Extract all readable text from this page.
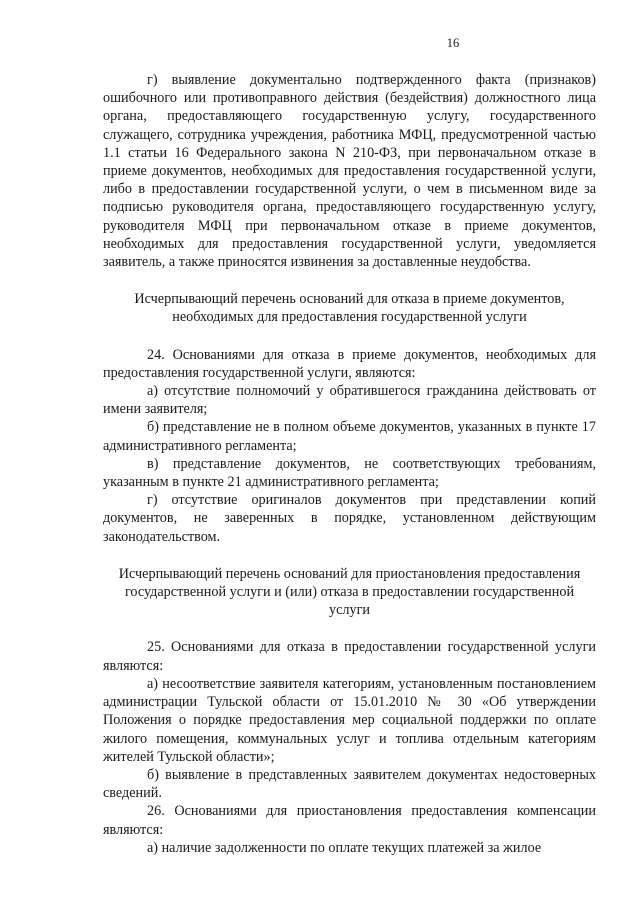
16

г) выявление документально подтвержденного факта (признаков) ошибочного или противоправного действия (бездействия) должностного лица органа, предоставляющего государственную услугу, государственного служащего, сотрудника учреждения, работника МФЦ, предусмотренной частью 1.1 статьи 16 Федерального закона N 210-ФЗ, при первоначальном отказе в приеме документов, необходимых для предоставления государственной услуги, либо в предоставлении государственной услуги, о чем в письменном виде за подписью руководителя органа, предоставляющего государственную услугу, руководителя МФЦ при первоначальном отказе в приеме документов, необходимых для предоставления государственной услуги, уведомляется заявитель, а также приносятся извинения за доставленные неудобства.

Исчерпывающий перечень оснований для отказа в приеме документов, необходимых для предоставления государственной услуги

24. Основаниями для отказа в приеме документов, необходимых для предоставления государственной услуги, являются:

а) отсутствие полномочий у обратившегося гражданина действовать от имени заявителя;

б) представление не в полном объеме документов, указанных в пункте 17 административного регламента;

в) представление документов, не соответствующих требованиям, указанным в пункте 21 административного регламента;

г) отсутствие оригиналов документов при представлении копий документов, не заверенных в порядке, установленном действующим законодательством.

Исчерпывающий перечень оснований для приостановления предоставления государственной услуги и (или) отказа в предоставлении государственной услуги

25. Основаниями для отказа в предоставлении государственной услуги являются:

а) несоответствие заявителя категориям, установленным постановлением администрации Тульской области от 15.01.2010 № 30 «Об утверждении Положения о порядке предоставления мер социальной поддержки по оплате жилого помещения, коммунальных услуг и топлива отдельным категориям жителей Тульской области»;

б) выявление в представленных заявителем документах недостоверных сведений.

26. Основаниями для приостановления предоставления компенсации являются:

а) наличие задолженности по оплате текущих платежей за жилое
